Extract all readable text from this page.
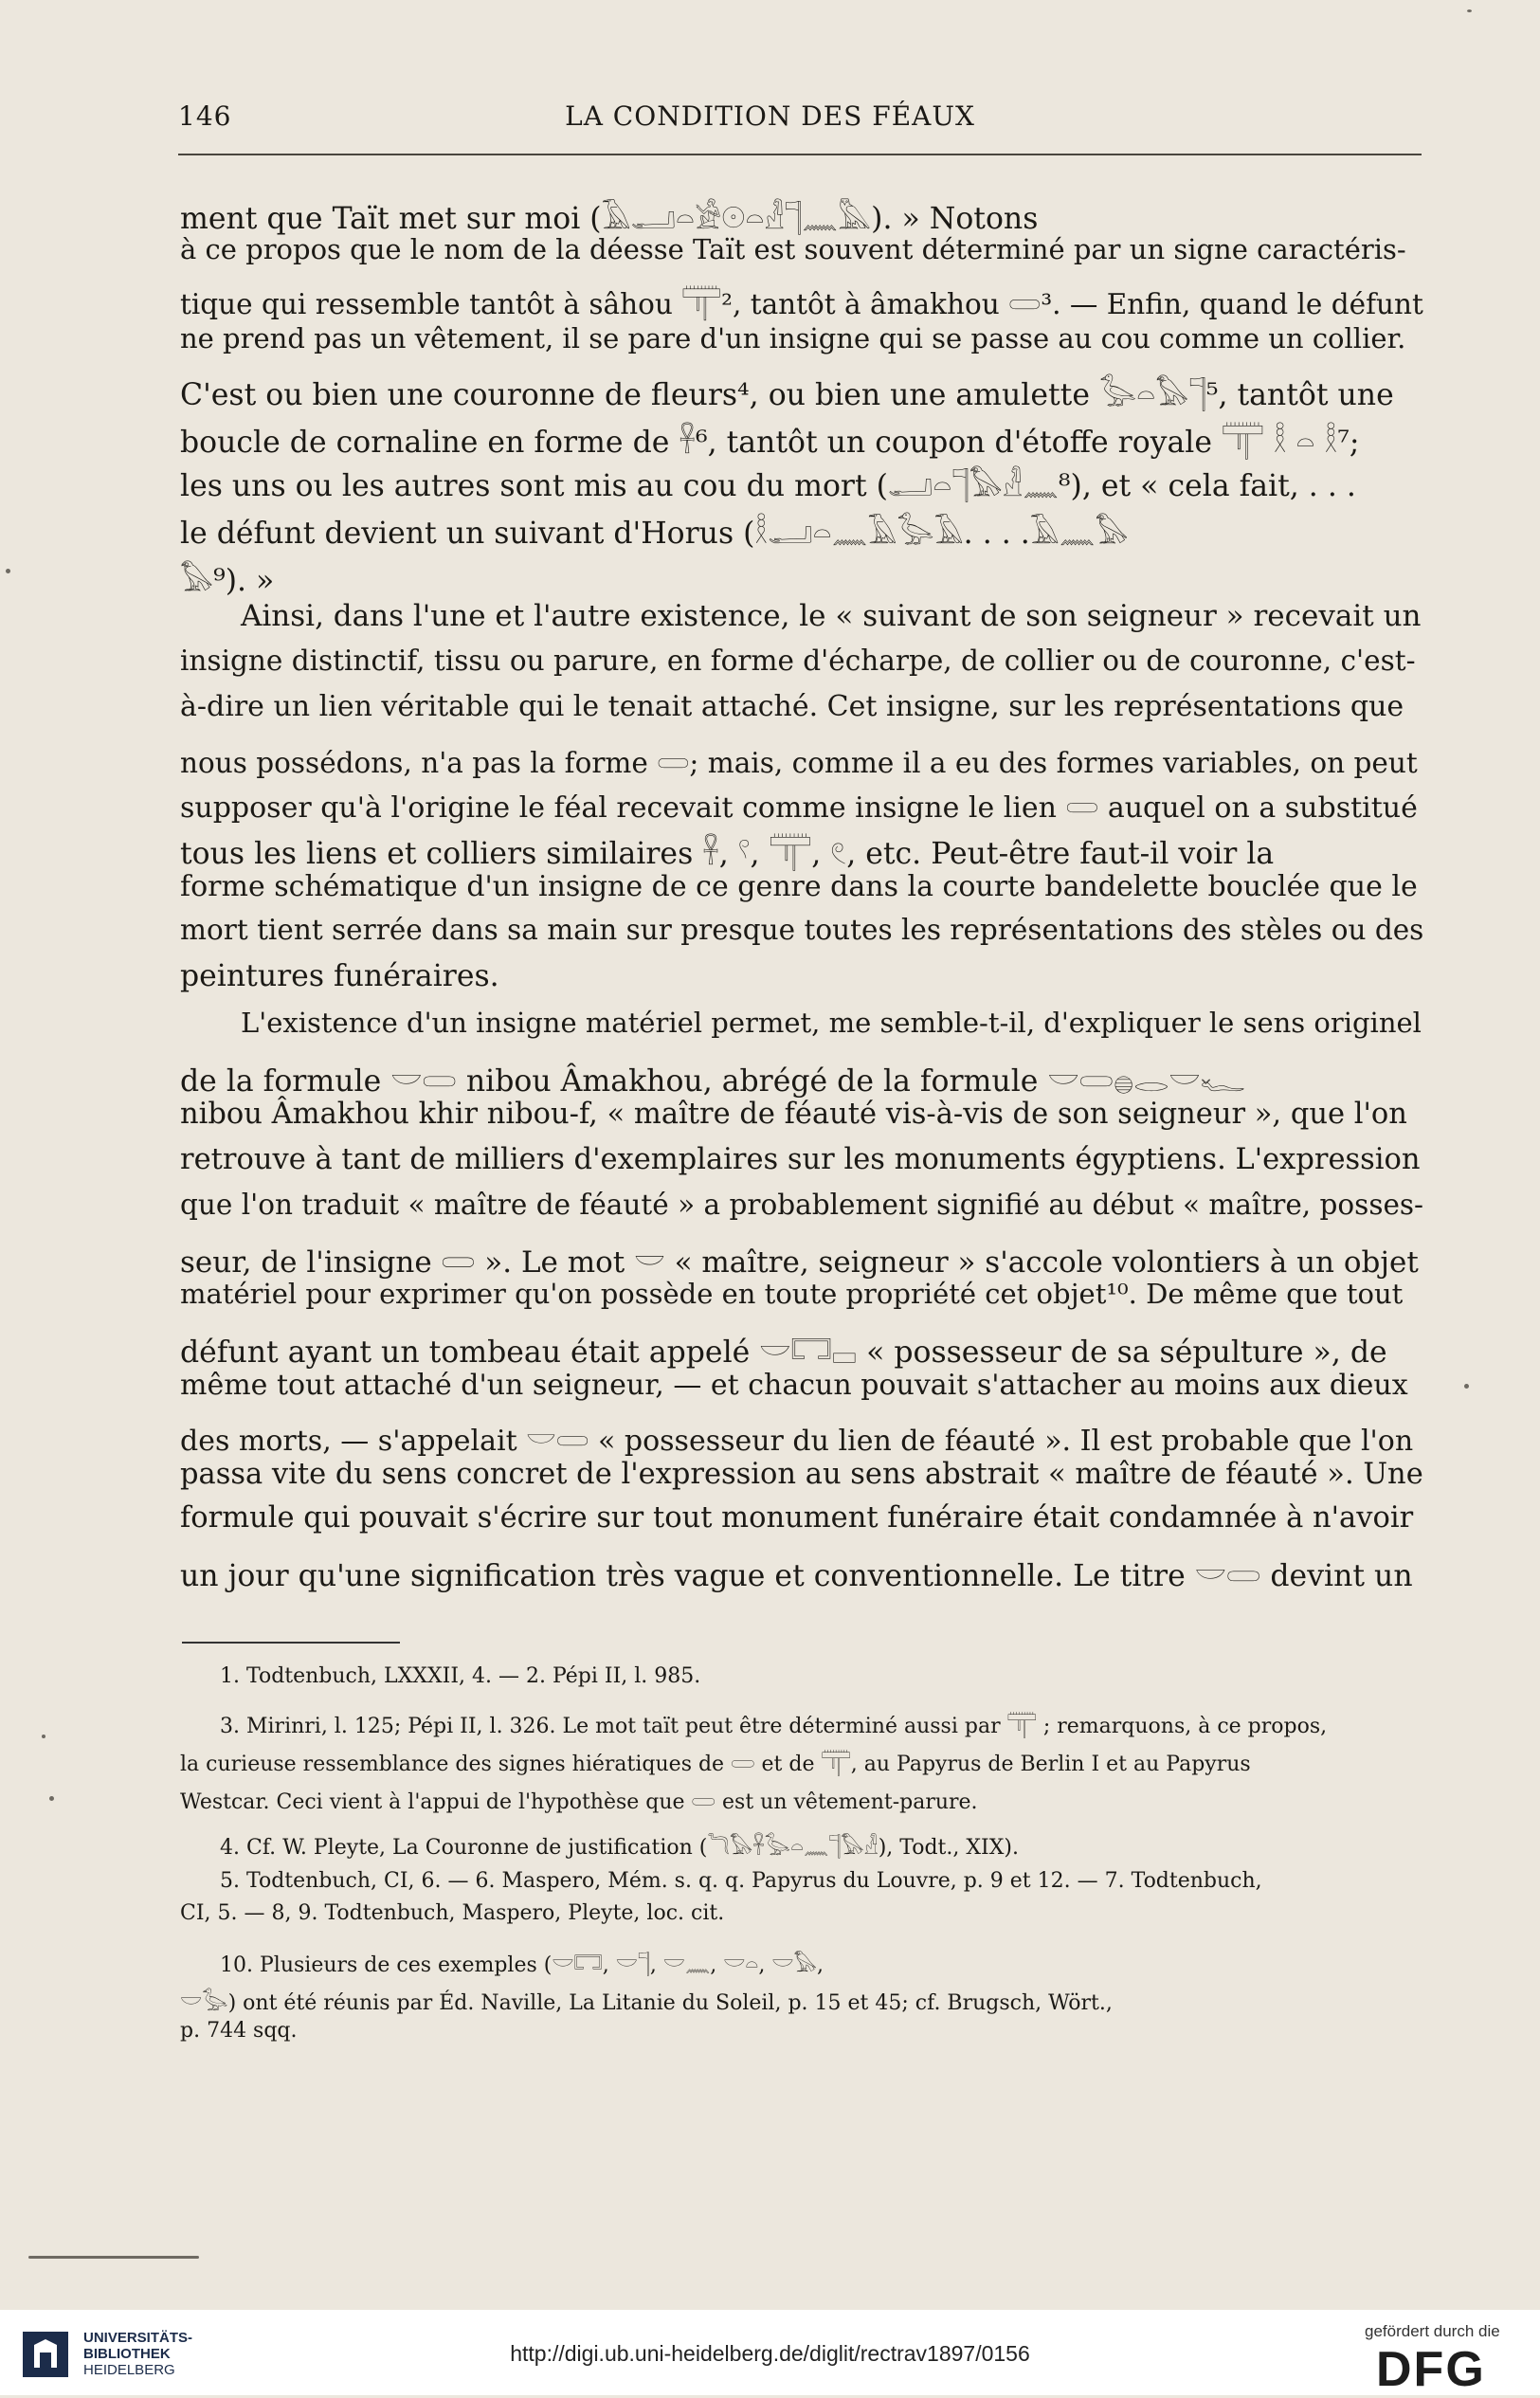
146	LA CONDITION DES FÉAUX
ment que Taït met sur moi (𓄿𓂝𓏏𓀀𓇳𓏏𓁐𓊹𓈖𓅓). » Notons
à ce propos que le nom de la déesse Taït est souvent déterminé par un signe caractéris-
tique qui ressemble tantôt à sâhou 𓋳², tantôt à âmakhou 𓋰³. — Enfin, quand le défunt
ne prend pas un vêtement, il se pare d'un insigne qui se passe au cou comme un collier.
C'est ou bien une couronne de fleurs⁴, ou bien une amulette 𓅭𓏏𓅃𓊹⁵, tantôt une
boucle de cornaline en forme de 𓋹⁶, tantôt un coupon d'étoffe royale 𓋳 𓎛 𓏏 𓎛⁷;
les uns ou les autres sont mis au cou du mort (𓂝𓏏𓊹𓅃𓁐𓈖⁸), et « cela fait, . . .
le défunt devient un suivant d'Horus (𓎛𓂝𓏏𓈖𓄿𓅭𓄿. . . .𓄿𓈖𓅃
𓅃⁹). »
Ainsi, dans l'une et l'autre existence, le « suivant de son seigneur » recevait un
insigne distinctif, tissu ou parure, en forme d'écharpe, de collier ou de couronne, c'est-
à-dire un lien véritable qui le tenait attaché. Cet insigne, sur les représentations que
nous possédons, n'a pas la forme 𓋰; mais, comme il a eu des formes variables, on peut
supposer qu'à l'origine le féal recevait comme insigne le lien 𓋰 auquel on a substitué
tous les liens et colliers similaires 𓋹, 𓍢, 𓋳, 𓏲, etc. Peut-être faut-il voir la
forme schématique d'un insigne de ce genre dans la courte bandelette bouclée que le
mort tient serrée dans sa main sur presque toutes les représentations des stèles ou des
peintures funéraires.
L'existence d'un insigne matériel permet, me semble-t-il, d'expliquer le sens originel
de la formule 𓎟𓋰 nibou Âmakhou, abrégé de la formule 𓎟𓋰𓐍𓂋𓎟𓆑
nibou Âmakhou khir nibou-f, « maître de féauté vis-à-vis de son seigneur », que l'on
retrouve à tant de milliers d'exemplaires sur les monuments égyptiens. L'expression
que l'on traduit « maître de féauté » a probablement signifié au début « maître, posses-
seur, de l'insigne 𓋰 ». Le mot 𓎟 « maître, seigneur » s'accole volontiers à un objet
matériel pour exprimer qu'on possède en toute propriété cet objet¹⁰. De même que tout
défunt ayant un tombeau était appelé 𓎟𓉐𓊌 « possesseur de sa sépulture », de
même tout attaché d'un seigneur, — et chacun pouvait s'attacher au moins aux dieux
des morts, — s'appelait 𓎟𓋰 « possesseur du lien de féauté ». Il est probable que l'on
passa vite du sens concret de l'expression au sens abstrait « maître de féauté ». Une
formule qui pouvait s'écrire sur tout monument funéraire était condamnée à n'avoir
un jour qu'une signification très vague et conventionnelle. Le titre 𓎟𓋰 devint un
1. Todtenbuch, LXXXII, 4. — 2. Pépi II, l. 985.
3. Mirinri, l. 125; Pépi II, l. 326. Le mot taït peut être déterminé aussi par 𓋳 ; remarquons, à ce propos,
la curieuse ressemblance des signes hiératiques de 𓋰 et de 𓋳, au Papyrus de Berlin I et au Papyrus
Westcar. Ceci vient à l'appui de l'hypothèse que 𓋰 est un vêtement-parure.
4. Cf. W. Pleyte, La Couronne de justification (𓆓𓅃𓋹𓅭𓏏𓈖𓊹𓅃𓁐), Todt., XIX).
5. Todtenbuch, CI, 6. — 6. Maspero, Mém. s. q. q. Papyrus du Louvre, p. 9 et 12. — 7. Todtenbuch,
CI, 5. — 8, 9. Todtenbuch, Maspero, Pleyte, loc. cit.
10. Plusieurs de ces exemples (𓎟𓉐, 𓎟𓊹, 𓎟𓈖, 𓎟𓏏, 𓎟𓅃,
𓎟𓅭) ont été réunis par Éd. Naville, La Litanie du Soleil, p. 15 et 45; cf. Brugsch, Wört.,
p. 744 sqq.
UNIVERSITÄTS-
BIBLIOTHEK
HEIDELBERG
http://digi.ub.uni-heidelberg.de/diglit/rectrav1897/0156
gefördert durch die
DFG
